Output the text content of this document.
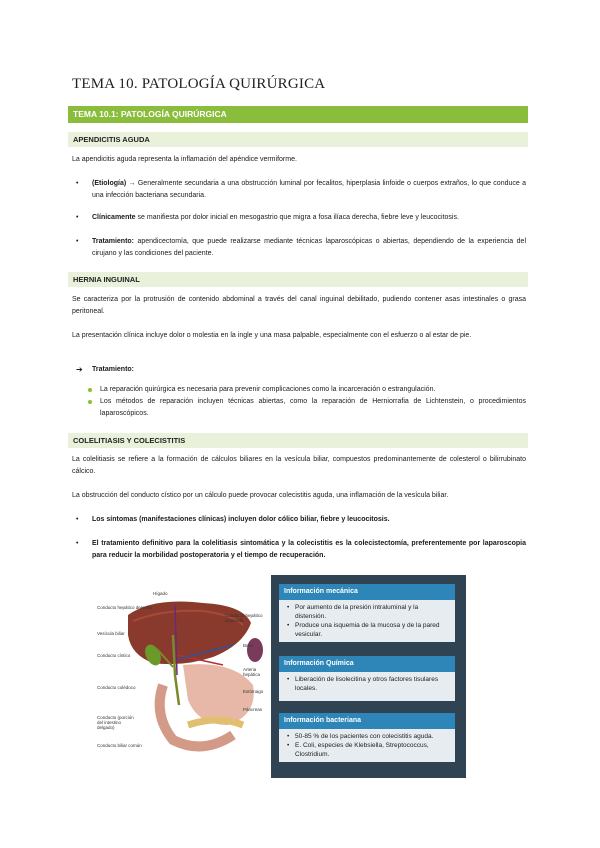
TEMA 10. PATOLOGÍA QUIRÚRGICA
TEMA 10.1: PATOLOGÍA QUIRÚRGICA
APENDICITIS AGUDA
La apendicitis aguda representa la inflamación del apéndice vermiforme.
• (Etiología) → Generalmente secundaria a una obstrucción luminal por fecalitos, hiperplasia linfoide o cuerpos extraños, lo que conduce a una infección bacteriana secundaria.
• Clínicamente se manifiesta por dolor inicial en mesogastrio que migra a fosa ilíaca derecha, fiebre leve y leucocitosis.
• Tratamiento: apendicectomía, que puede realizarse mediante técnicas laparoscópicas o abiertas, dependiendo de la experiencia del cirujano y las condiciones del paciente.
HERNIA INGUINAL
Se caracteriza por la protrusión de contenido abdominal a través del canal inguinal debilitado, pudiendo contener asas intestinales o grasa peritoneal.
La presentación clínica incluye dolor o molestia en la ingle y una masa palpable, especialmente con el esfuerzo o al estar de pie.
➔ Tratamiento:
La reparación quirúrgica es necesaria para prevenir complicaciones como la incarceración o estrangulación.
Los métodos de reparación incluyen técnicas abiertas, como la reparación de Herniorrafia de Lichtenstein, o procedimientos laparoscópicos.
COLELITIASIS Y COLECISTITIS
La colelitiasis se refiere a la formación de cálculos biliares en la vesícula biliar, compuestos predominantemente de colesterol o bilirrubinato cálcico.
La obstrucción del conducto cístico por un cálculo puede provocar colecistitis aguda, una inflamación de la vesícula biliar.
• Los síntomas (manifestaciones clínicas) incluyen dolor cólico biliar, fiebre y leucocitosis.
• El tratamiento definitivo para la colelitiasis sintomática y la colecistitis es la colecistectomía, preferentemente por laparoscopia para reducir la morbilidad postoperatoria y el tiempo de recuperación.
Hígado
Conducto hepático derecho
Vesícula biliar
Conducto cístico
Conducto colédoco
Conducto (porción del intestino delgado)
Conducto biliar común
Conducto hepático izquierdo
Bazo
Arteria hepática
Estómago
Páncreas
Información mecánica
• Por aumento de la presión intraluminal y la distensión.
• Produce una isquemia de la mucosa y de la pared vesicular.
Información Química
• Liberación de lisolecitina y otros factores tisulares locales.
Información bacteriana
• 50-85 % de los pacientes con colecistitis aguda.
• E. Coli, especies de Klebsiella, Streptococcus, Clostridium.
